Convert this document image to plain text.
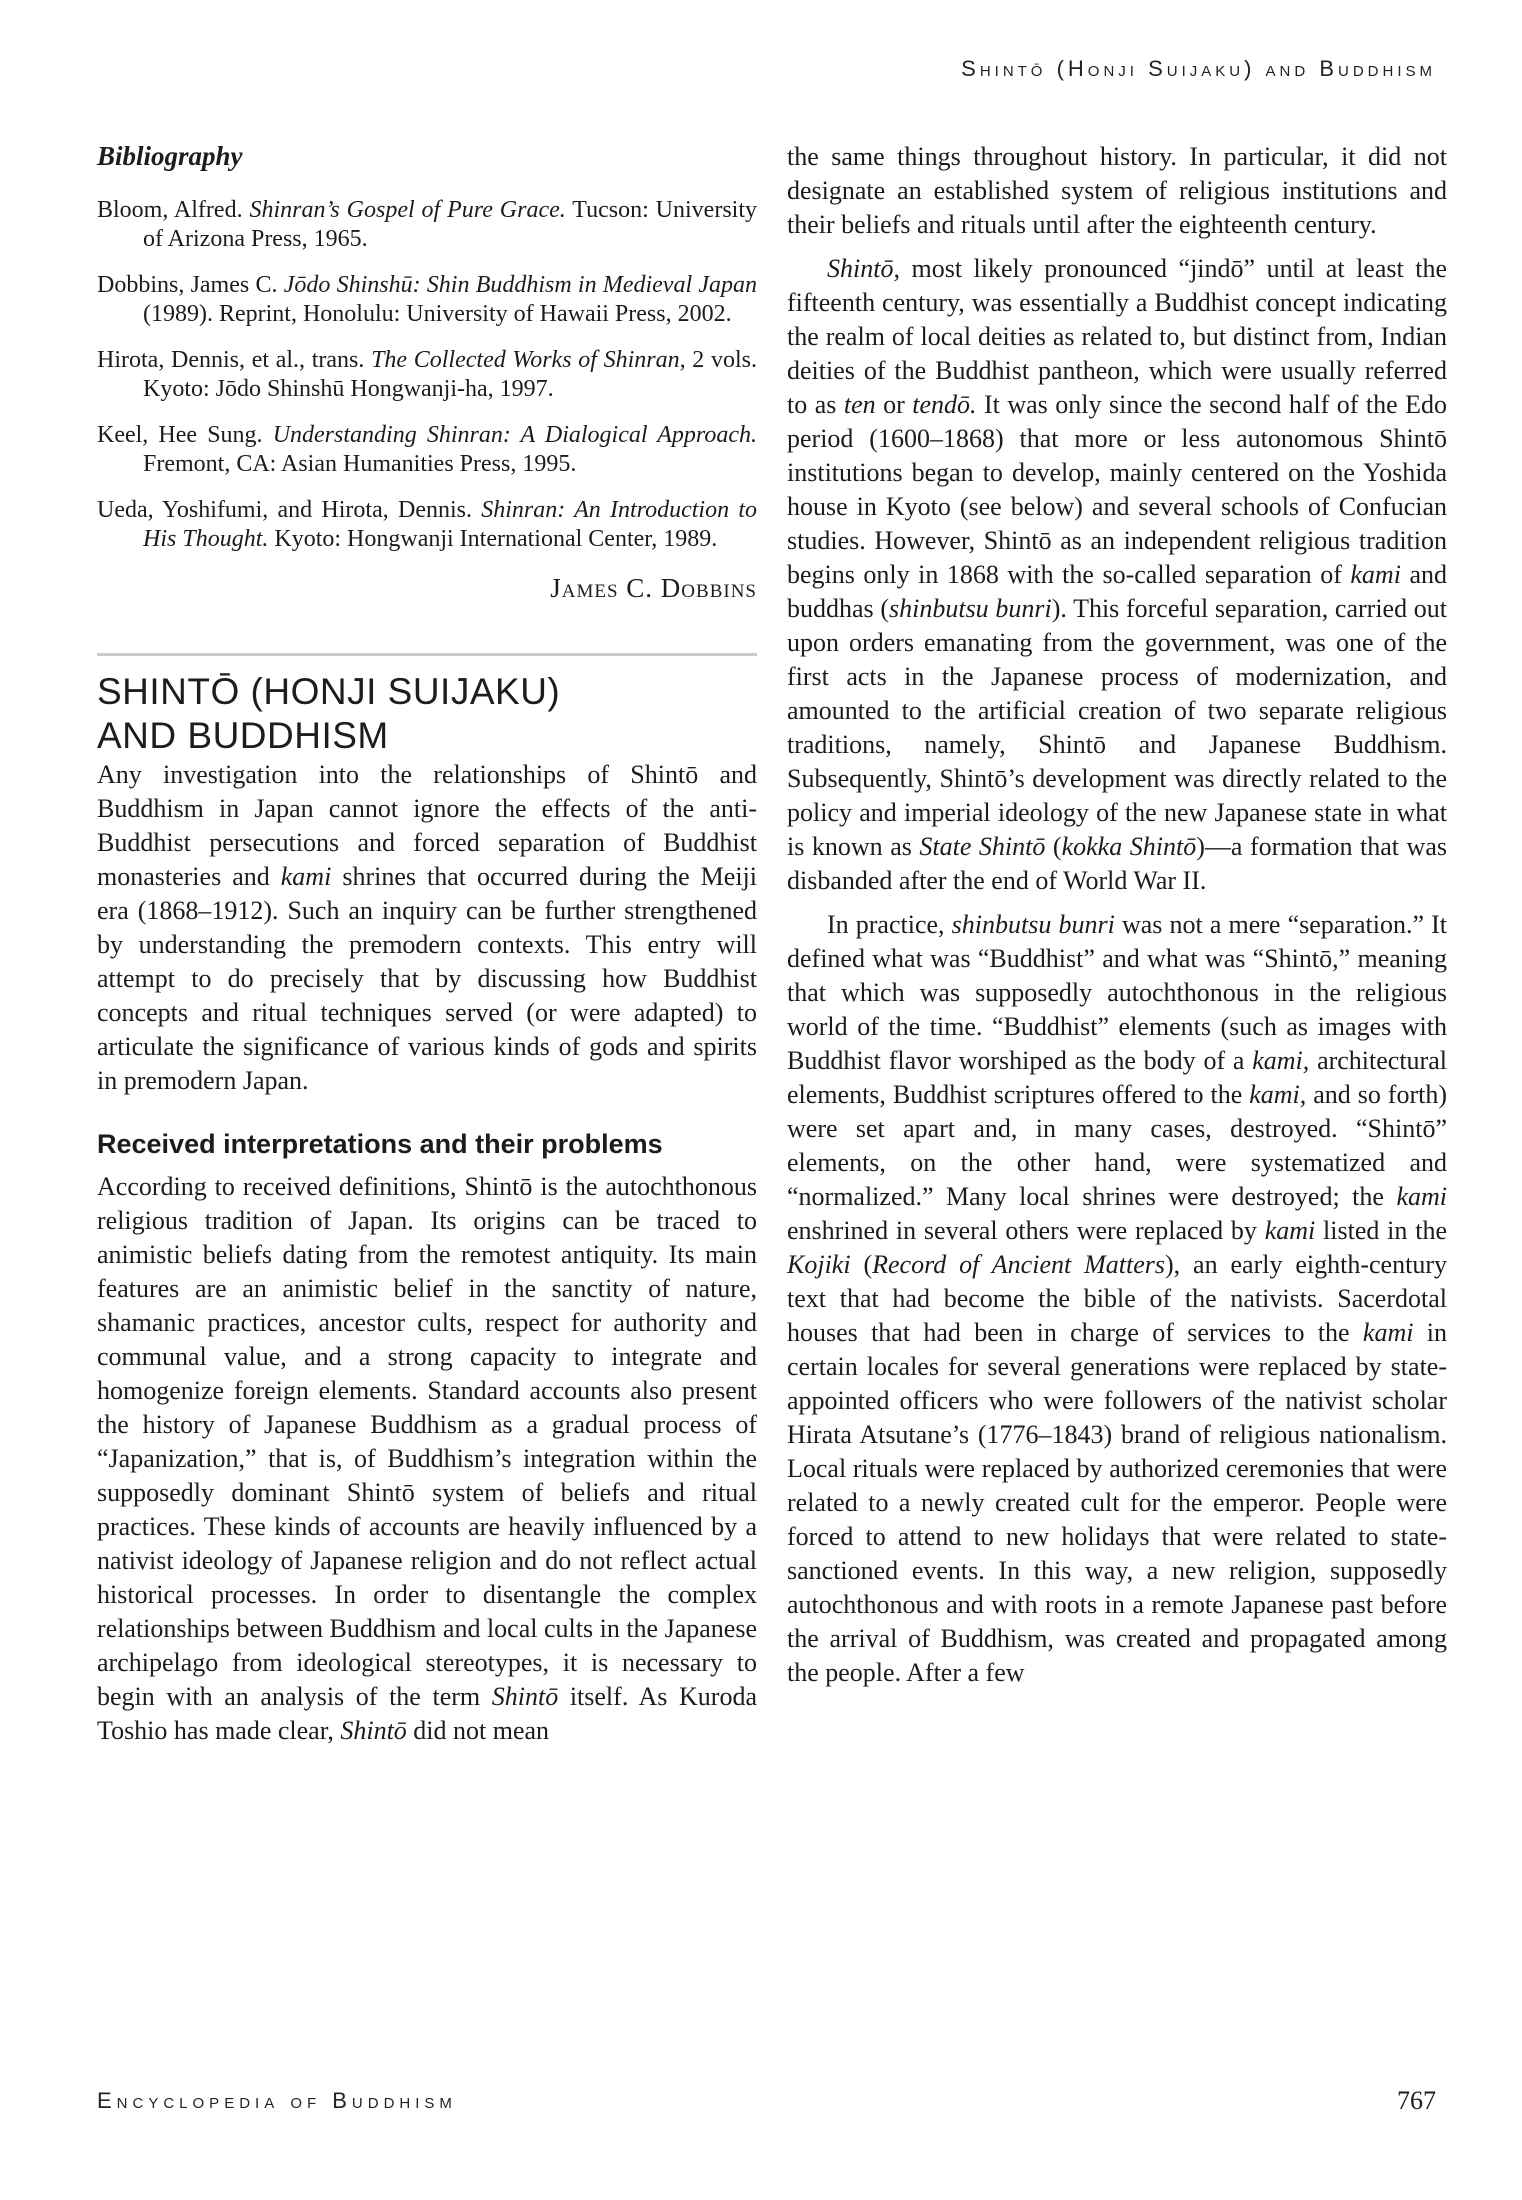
Shintō (Honji Suijaku) and Buddhism
Bibliography
Bloom, Alfred. Shinran’s Gospel of Pure Grace. Tucson: University of Arizona Press, 1965.
Dobbins, James C. Jōdo Shinshū: Shin Buddhism in Medieval Japan (1989). Reprint, Honolulu: University of Hawaii Press, 2002.
Hirota, Dennis, et al., trans. The Collected Works of Shinran, 2 vols. Kyoto: Jōdo Shinshū Hongwanji-ha, 1997.
Keel, Hee Sung. Understanding Shinran: A Dialogical Approach. Fremont, CA: Asian Humanities Press, 1995.
Ueda, Yoshifumi, and Hirota, Dennis. Shinran: An Introduction to His Thought. Kyoto: Hongwanji International Center, 1989.
James C. Dobbins
SHINTŌ (HONJI SUIJAKU)
AND BUDDHISM
Any investigation into the relationships of Shintō and Buddhism in Japan cannot ignore the effects of the anti-Buddhist persecutions and forced separation of Buddhist monasteries and kami shrines that occurred during the Meiji era (1868–1912). Such an inquiry can be further strengthened by understanding the premodern contexts. This entry will attempt to do precisely that by discussing how Buddhist concepts and ritual techniques served (or were adapted) to articulate the significance of various kinds of gods and spirits in premodern Japan.
Received interpretations and their problems
According to received definitions, Shintō is the autochthonous religious tradition of Japan. Its origins can be traced to animistic beliefs dating from the remotest antiquity. Its main features are an animistic belief in the sanctity of nature, shamanic practices, ancestor cults, respect for authority and communal value, and a strong capacity to integrate and homogenize foreign elements. Standard accounts also present the history of Japanese Buddhism as a gradual process of “Japanization,” that is, of Buddhism’s integration within the supposedly dominant Shintō system of beliefs and ritual practices. These kinds of accounts are heavily influenced by a nativist ideology of Japanese religion and do not reflect actual historical processes. In order to disentangle the complex relationships between Buddhism and local cults in the Japanese archipelago from ideological stereotypes, it is necessary to begin with an analysis of the term Shintō itself. As Kuroda Toshio has made clear, Shintō did not mean
the same things throughout history. In particular, it did not designate an established system of religious institutions and their beliefs and rituals until after the eighteenth century.
Shintō, most likely pronounced “jindō” until at least the fifteenth century, was essentially a Buddhist concept indicating the realm of local deities as related to, but distinct from, Indian deities of the Buddhist pantheon, which were usually referred to as ten or tendō. It was only since the second half of the Edo period (1600–1868) that more or less autonomous Shintō institutions began to develop, mainly centered on the Yoshida house in Kyoto (see below) and several schools of Confucian studies. However, Shintō as an independent religious tradition begins only in 1868 with the so-called separation of kami and buddhas (shinbutsu bunri). This forceful separation, carried out upon orders emanating from the government, was one of the first acts in the Japanese process of modernization, and amounted to the artificial creation of two separate religious traditions, namely, Shintō and Japanese Buddhism. Subsequently, Shintō’s development was directly related to the policy and imperial ideology of the new Japanese state in what is known as State Shintō (kokka Shintō)—a formation that was disbanded after the end of World War II.
In practice, shinbutsu bunri was not a mere “separation.” It defined what was “Buddhist” and what was “Shintō,” meaning that which was supposedly autochthonous in the religious world of the time. “Buddhist” elements (such as images with Buddhist flavor worshiped as the body of a kami, architectural elements, Buddhist scriptures offered to the kami, and so forth) were set apart and, in many cases, destroyed. “Shintō” elements, on the other hand, were systematized and “normalized.” Many local shrines were destroyed; the kami enshrined in several others were replaced by kami listed in the Kojiki (Record of Ancient Matters), an early eighth-century text that had become the bible of the nativists. Sacerdotal houses that had been in charge of services to the kami in certain locales for several generations were replaced by state-appointed officers who were followers of the nativist scholar Hirata Atsutane’s (1776–1843) brand of religious nationalism. Local rituals were replaced by authorized ceremonies that were related to a newly created cult for the emperor. People were forced to attend to new holidays that were related to state-sanctioned events. In this way, a new religion, supposedly autochthonous and with roots in a remote Japanese past before the arrival of Buddhism, was created and propagated among the people. After a few
Encyclopedia of Buddhism	767
